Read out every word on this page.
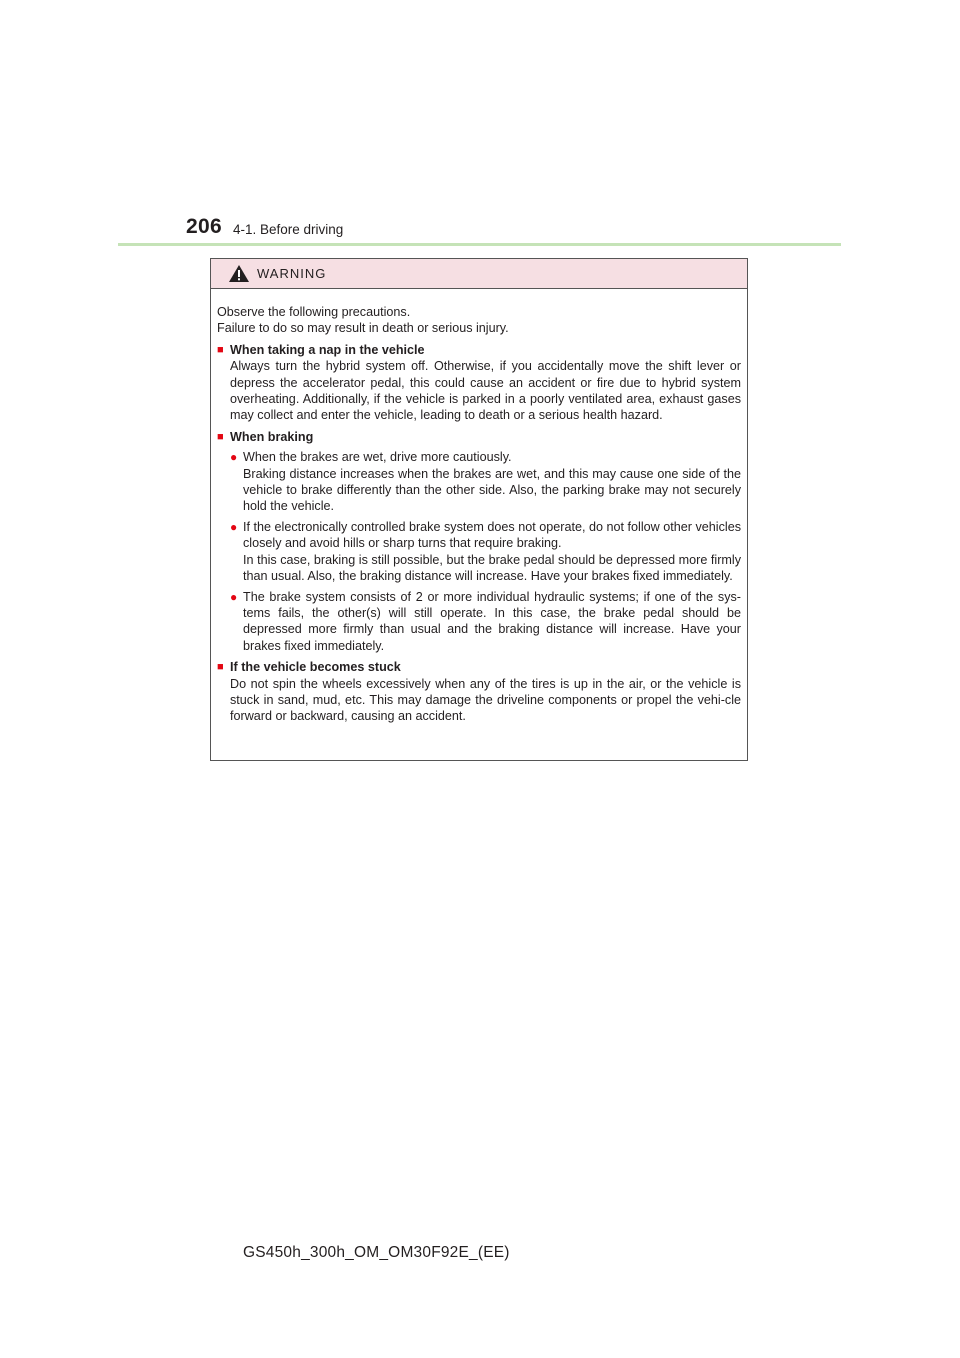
206 4-1. Before driving
WARNING
Observe the following precautions.
Failure to do so may result in death or serious injury.
■ When taking a nap in the vehicle
Always turn the hybrid system off. Otherwise, if you accidentally move the shift lever or depress the accelerator pedal, this could cause an accident or fire due to hybrid system overheating. Additionally, if the vehicle is parked in a poorly ventilated area, exhaust gases may collect and enter the vehicle, leading to death or a serious health hazard.
■ When braking
● When the brakes are wet, drive more cautiously.
Braking distance increases when the brakes are wet, and this may cause one side of the vehicle to brake differently than the other side. Also, the parking brake may not securely hold the vehicle.
● If the electronically controlled brake system does not operate, do not follow other vehicles closely and avoid hills or sharp turns that require braking.
In this case, braking is still possible, but the brake pedal should be depressed more firmly than usual. Also, the braking distance will increase. Have your brakes fixed immediately.
● The brake system consists of 2 or more individual hydraulic systems; if one of the sys-tems fails, the other(s) will still operate. In this case, the brake pedal should be depressed more firmly than usual and the braking distance will increase. Have your brakes fixed immediately.
■ If the vehicle becomes stuck
Do not spin the wheels excessively when any of the tires is up in the air, or the vehicle is stuck in sand, mud, etc. This may damage the driveline components or propel the vehi-cle forward or backward, causing an accident.
GS450h_300h_OM_OM30F92E_(EE)
